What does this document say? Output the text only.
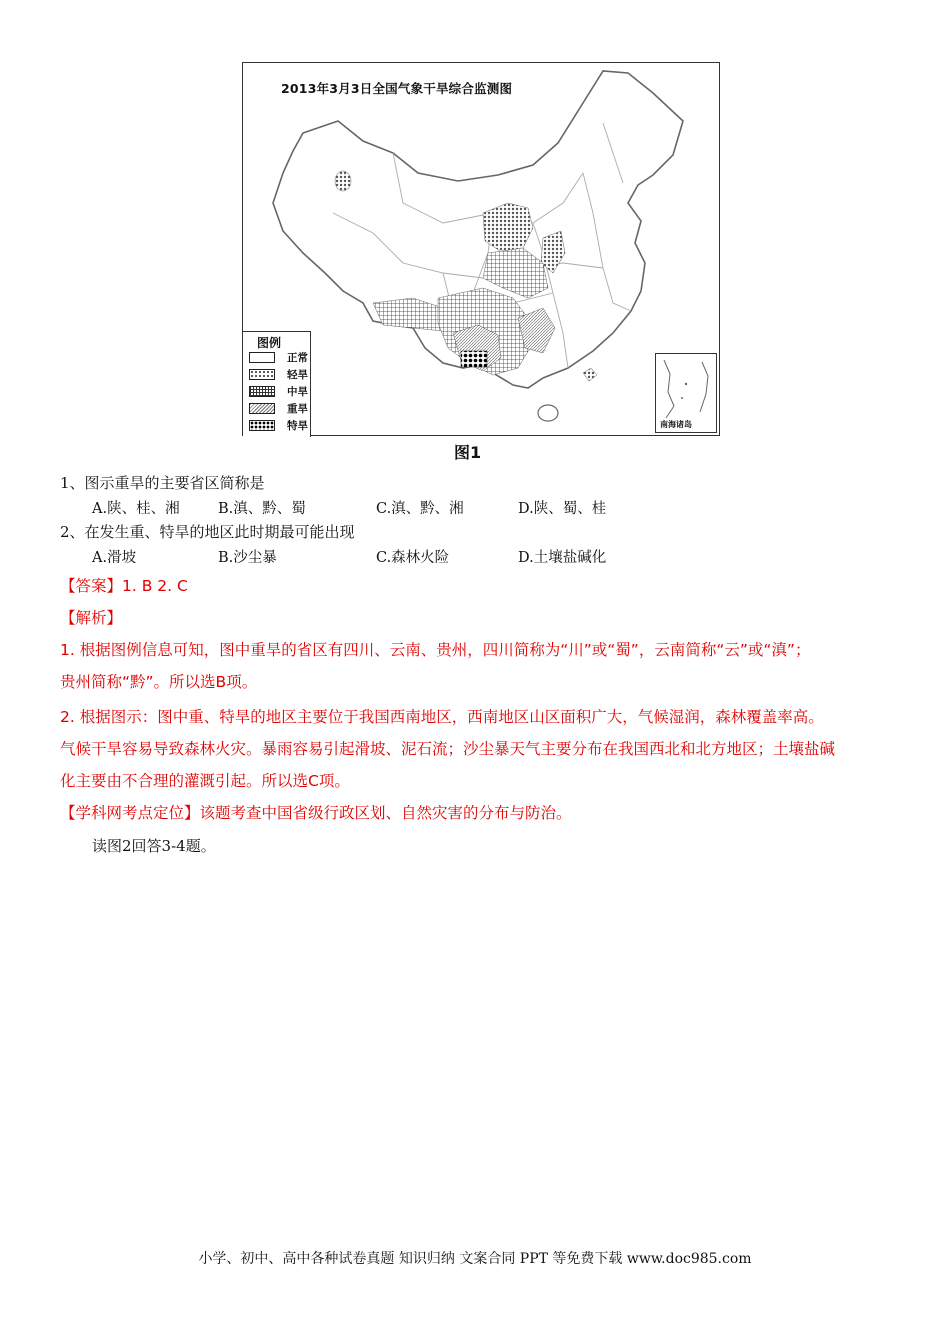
2013年3月3日全国气象干旱综合监测图
图例
正常
轻旱
中旱
重旱
特旱	南海诸岛
图1
1、图示重旱的主要省区简称是
A.陕、桂、湘	B.滇、黔、蜀	C.滇、黔、湘	D.陕、蜀、桂
2、在发生重、特旱的地区此时期最可能出现
A.滑坡	B.沙尘暴	C.森林火险	D.土壤盐碱化
【答案】1. B 2. C
【解析】
1. 根据图例信息可知，图中重旱的省区有四川、云南、贵州，四川简称为“川”或“蜀”，云南简称“云”或“滇”；
贵州简称“黔”。所以选B项。
2. 根据图示：图中重、特旱的地区主要位于我国西南地区，西南地区山区面积广大，气候湿润，森林覆盖率高。
气候干旱容易导致森林火灾。暴雨容易引起滑坡、泥石流；沙尘暴天气主要分布在我国西北和北方地区；土壤盐碱
化主要由不合理的灌溉引起。所以选C项。
【学科网考点定位】该题考查中国省级行政区划、自然灾害的分布与防治。
读图2回答3-4题。
小学、初中、高中各种试卷真题 知识归纳 文案合同 PPT 等免费下载 www.doc985.com
